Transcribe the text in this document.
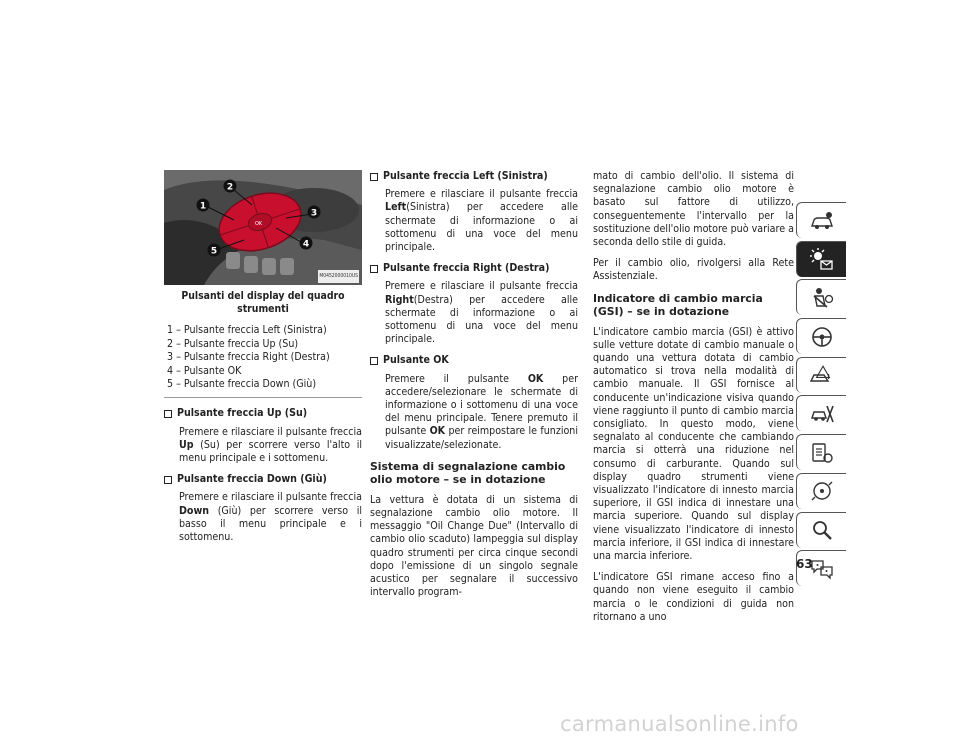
OK
1
2
3
4
5
M0452000010US
Pulsanti del display del quadro strumenti
1 – Pulsante freccia Left (Sinistra)
2 – Pulsante freccia Up (Su)
3 – Pulsante freccia Right (Destra)
4 – Pulsante OK
5 – Pulsante freccia Down (Giù)
Pulsante freccia Up (Su)
Premere e rilasciare il pulsante freccia Up (Su) per scorrere verso l'alto il menu principale e i sottomenu.
Pulsante freccia Down (Giù)
Premere e rilasciare il pulsante freccia Down (Giù) per scorrere verso il basso il menu principale e i sottomenu.
Pulsante freccia Left (Sinistra)
Premere e rilasciare il pulsante freccia Left(Sinistra) per accedere alle schermate di informazione o ai sottomenu di una voce del menu principale.
Pulsante freccia Right (Destra)
Premere e rilasciare il pulsante freccia Right(Destra) per accedere alle schermate di informazione o ai sottomenu di una voce del menu principale.
Pulsante OK
Premere il pulsante OK per accedere/selezionare le schermate di informazione o i sottomenu di una voce del menu principale. Tenere premuto il pulsante OK per reimpostare le funzioni visualizzate/selezionate.
Sistema di segnalazione cambio olio motore – se in dotazione
La vettura è dotata di un sistema di segnalazione cambio olio motore. Il messaggio "Oil Change Due" (Intervallo di cambio olio scaduto) lampeggia sul display quadro strumenti per circa cinque secondi dopo l'emissione di un singolo segnale acustico per segnalare il successivo intervallo program-
mato di cambio dell'olio. Il sistema di segnalazione cambio olio motore è basato sul fattore di utilizzo, conseguentemente l'intervallo per la sostituzione dell'olio motore può variare a seconda dello stile di guida.
Per il cambio olio, rivolgersi alla Rete Assistenziale.
Indicatore di cambio marcia (GSI) – se in dotazione
L'indicatore cambio marcia (GSI) è attivo sulle vetture dotate di cambio manuale o quando una vettura dotata di cambio automatico si trova nella modalità di cambio manuale. Il GSI fornisce al conducente un'indicazione visiva quando viene raggiunto il punto di cambio marcia consigliato. In questo modo, viene segnalato al conducente che cambiando marcia si otterrà una riduzione nel consumo di carburante. Quando sul display quadro strumenti viene visualizzato l'indicatore di innesto marcia superiore, il GSI indica di innestare una marcia superiore. Quando sul display viene visualizzato l'indicatore di innesto marcia inferiore, il GSI indica di innestare una marcia inferiore.
L'indicatore GSI rimane acceso fino a quando non viene eseguito il cambio marcia o le condizioni di guida non ritornano a uno
!
63
carmanualsonline.info
